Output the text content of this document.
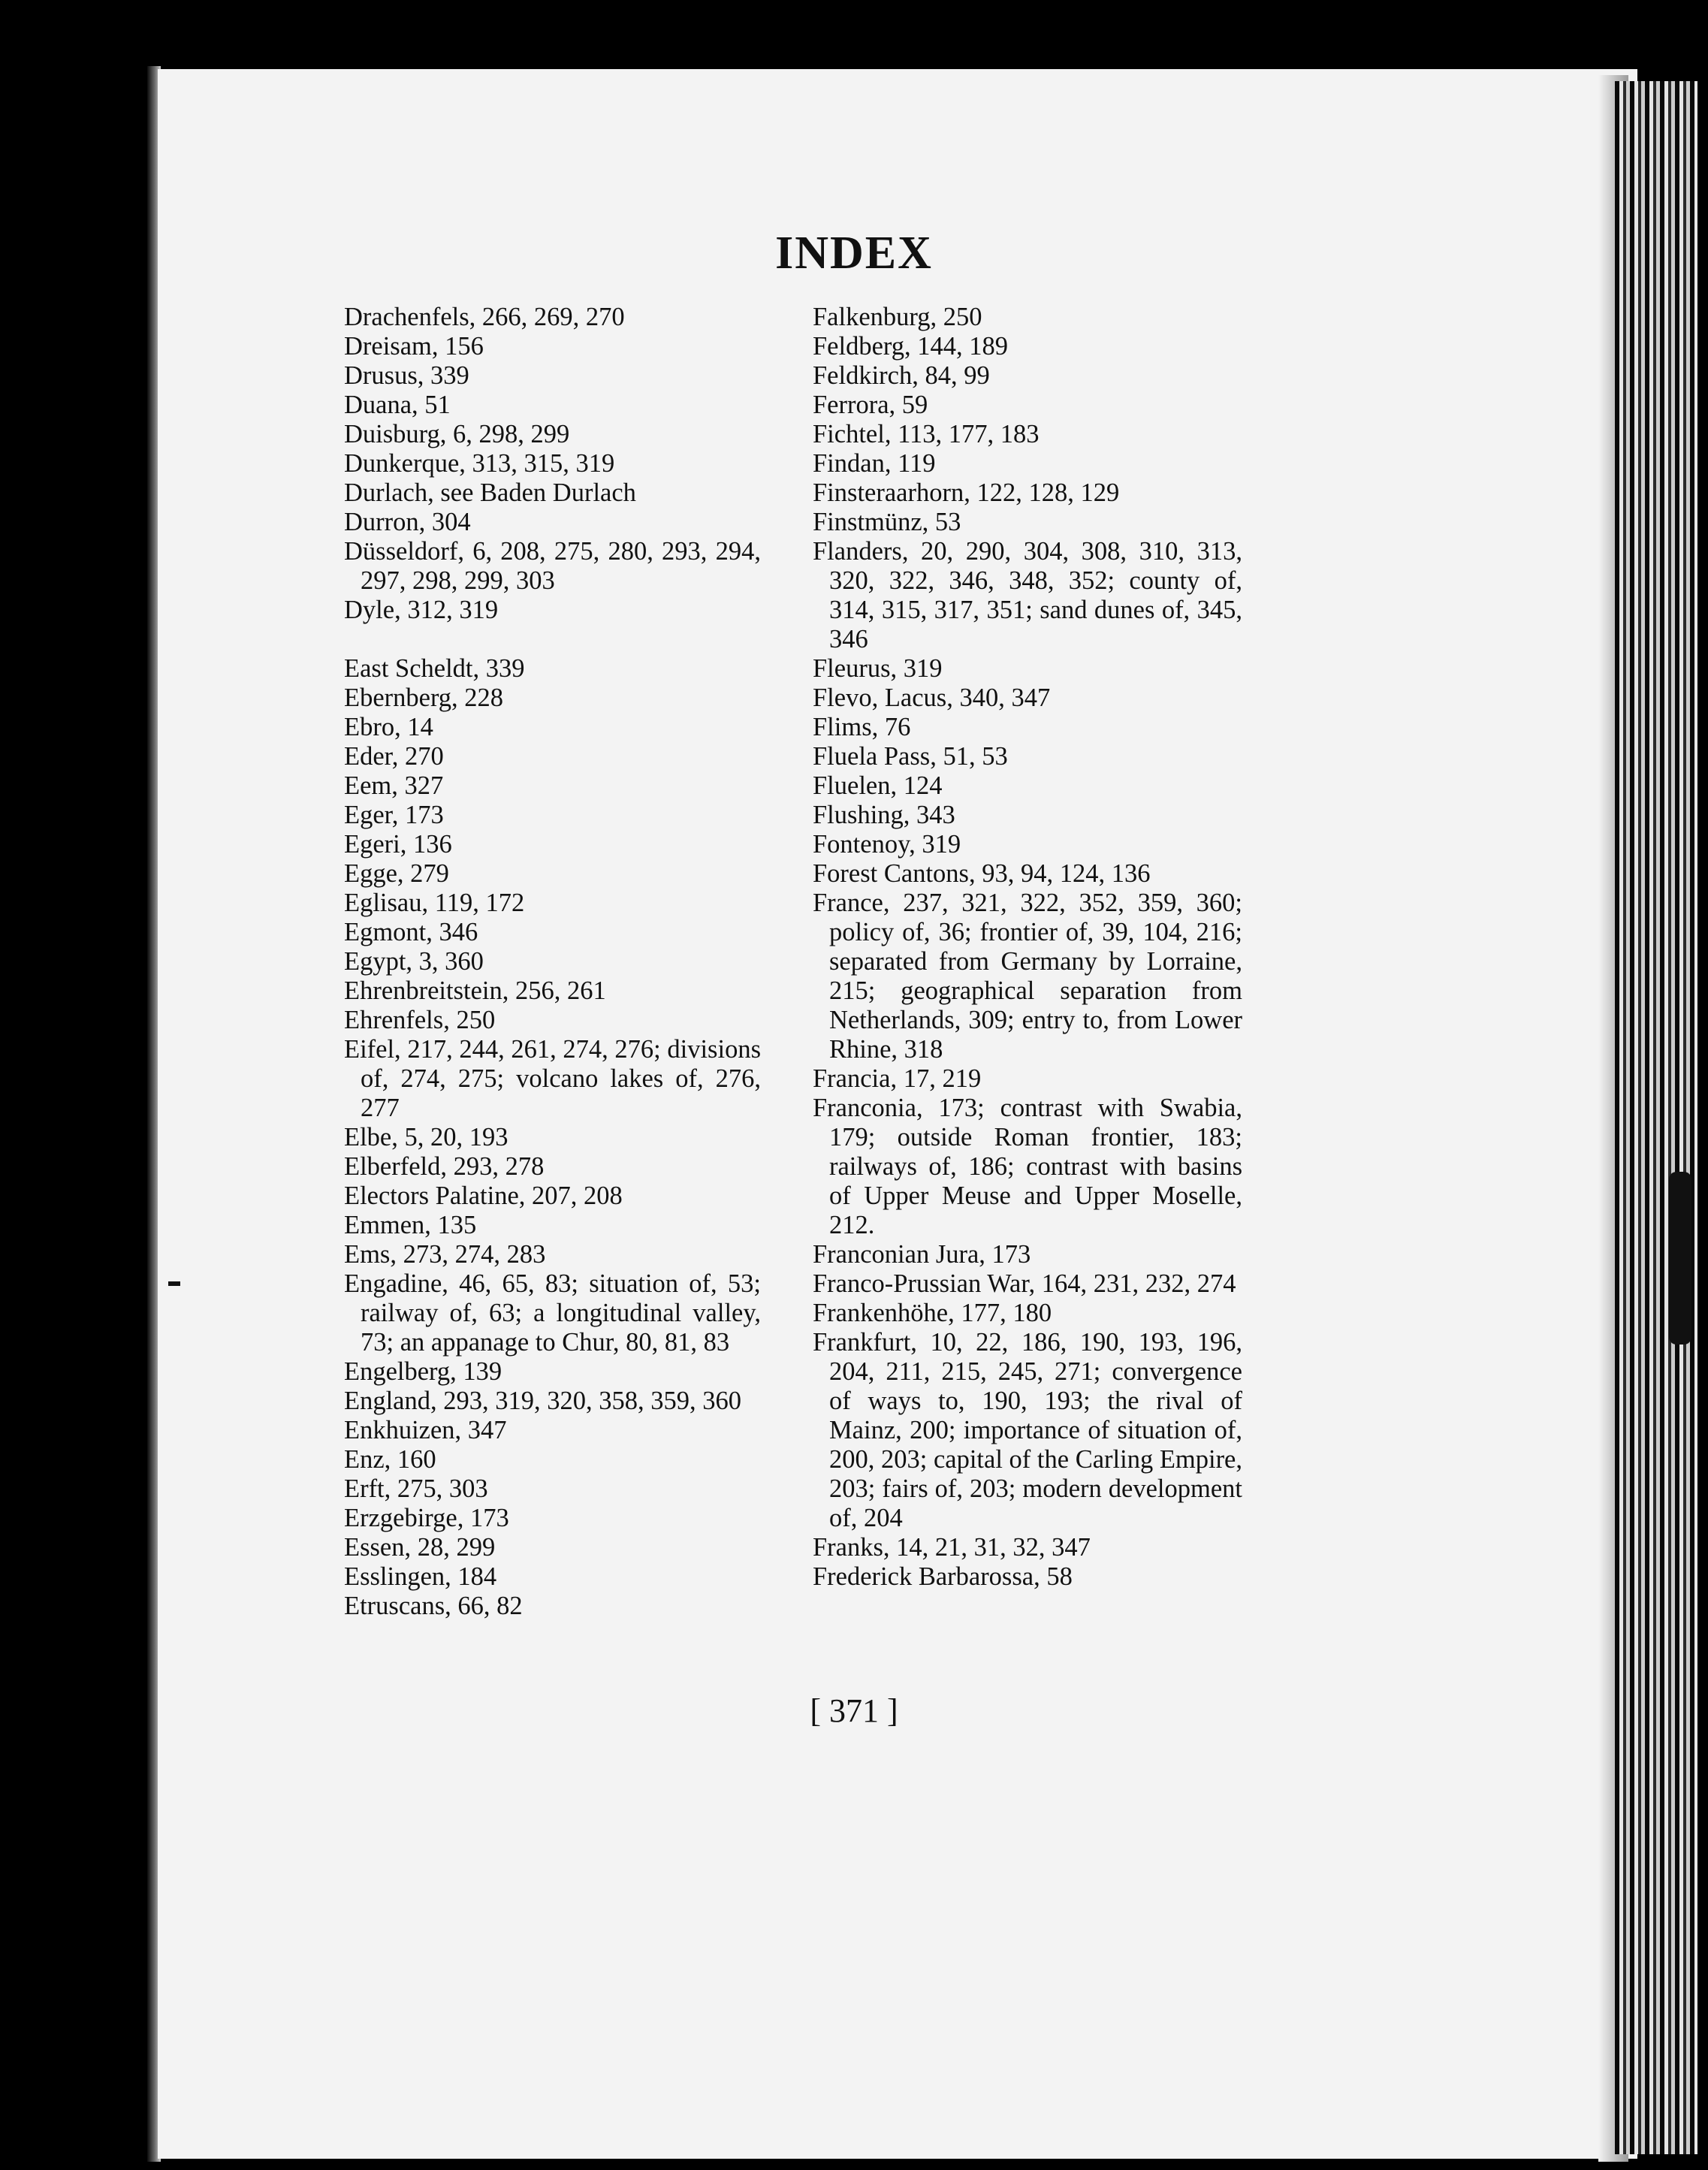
INDEX
Drachenfels, 266, 269, 270
Dreisam, 156
Drusus, 339
Duana, 51
Duisburg, 6, 298, 299
Dunkerque, 313, 315, 319
Durlach, see Baden Durlach
Durron, 304
Düsseldorf, 6, 208, 275, 280, 293, 294, 297, 298, 299, 303
Dyle, 312, 319
East Scheldt, 339
Ebernberg, 228
Ebro, 14
Eder, 270
Eem, 327
Eger, 173
Egeri, 136
Egge, 279
Eglisau, 119, 172
Egmont, 346
Egypt, 3, 360
Ehrenbreitstein, 256, 261
Ehrenfels, 250
Eifel, 217, 244, 261, 274, 276; divisions of, 274, 275; volcano lakes of, 276, 277
Elbe, 5, 20, 193
Elberfeld, 293, 278
Electors Palatine, 207, 208
Emmen, 135
Ems, 273, 274, 283
Engadine, 46, 65, 83; situation of, 53; railway of, 63; a longitudinal valley, 73; an appanage to Chur, 80, 81, 83
Engelberg, 139
England, 293, 319, 320, 358, 359, 360
Enkhuizen, 347
Enz, 160
Erft, 275, 303
Erzgebirge, 173
Essen, 28, 299
Esslingen, 184
Etruscans, 66, 82
Falkenburg, 250
Feldberg, 144, 189
Feldkirch, 84, 99
Ferrora, 59
Fichtel, 113, 177, 183
Findan, 119
Finsteraarhorn, 122, 128, 129
Finstmünz, 53
Flanders, 20, 290, 304, 308, 310, 313, 320, 322, 346, 348, 352; county of, 314, 315, 317, 351; sand dunes of, 345, 346
Fleurus, 319
Flevo, Lacus, 340, 347
Flims, 76
Fluela Pass, 51, 53
Fluelen, 124
Flushing, 343
Fontenoy, 319
Forest Cantons, 93, 94, 124, 136
France, 237, 321, 322, 352, 359, 360; policy of, 36; frontier of, 39, 104, 216; separated from Germany by Lorraine, 215; geographical separation from Netherlands, 309; entry to, from Lower Rhine, 318
Francia, 17, 219
Franconia, 173; contrast with Swabia, 179; outside Roman frontier, 183; railways of, 186; contrast with basins of Upper Meuse and Upper Moselle, 212.
Franconian Jura, 173
Franco-Prussian War, 164, 231, 232, 274
Frankenhöhe, 177, 180
Frankfurt, 10, 22, 186, 190, 193, 196, 204, 211, 215, 245, 271; convergence of ways to, 190, 193; the rival of Mainz, 200; importance of situation of, 200, 203; capital of the Carling Empire, 203; fairs of, 203; modern development of, 204
Franks, 14, 21, 31, 32, 347
Frederick Barbarossa, 58

[ 371 ]
